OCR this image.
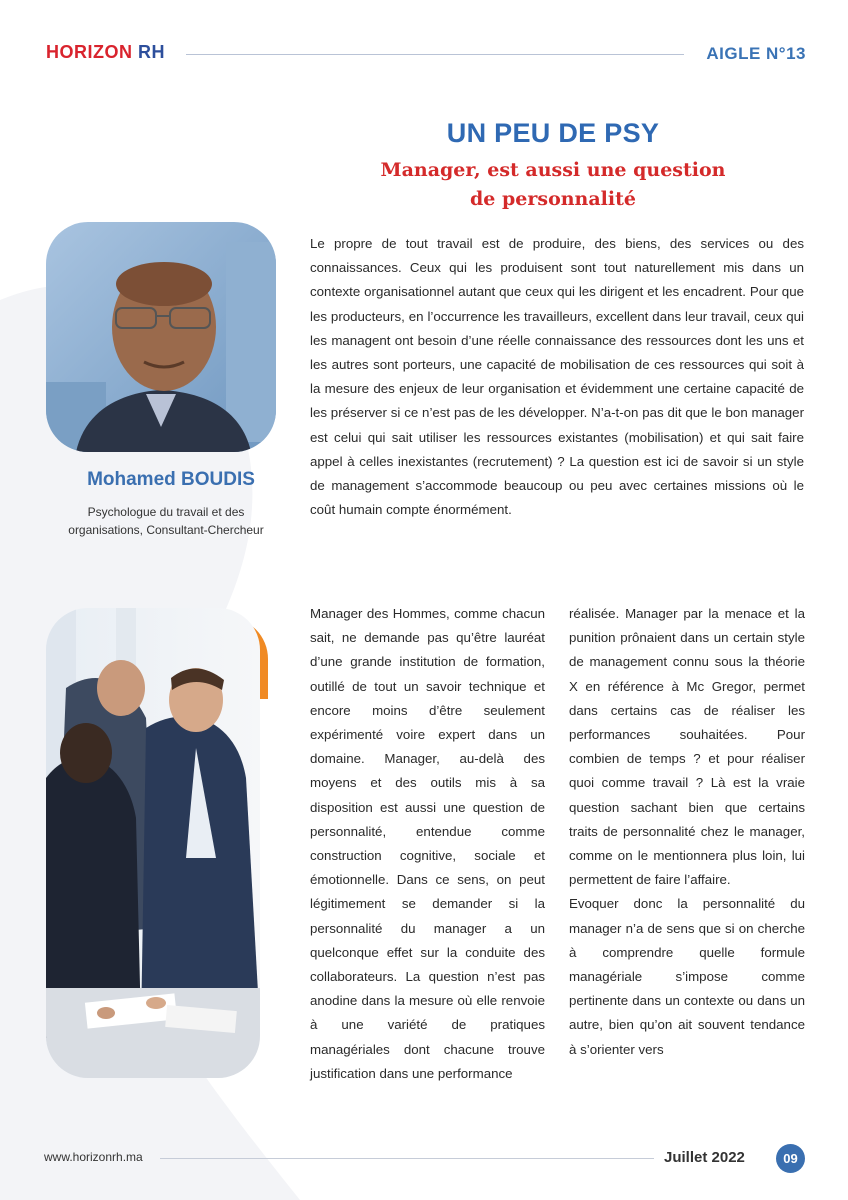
HORIZON RH	AIGLE N°13
UN PEU DE PSY
Manager, est aussi une question
de personnalité
Mohamed BOUDIS
Psychologue du travail et des
organisations, Consultant-Chercheur

Le propre de tout travail est de produire, des biens, des services ou des connaissances. Ceux qui les produisent sont tout naturellement mis dans un contexte organisationnel autant que ceux qui les dirigent et les encadrent. Pour que les producteurs, en l’occurrence les travailleurs, excellent dans leur travail, ceux qui les managent ont besoin d’une réelle connaissance des ressources dont les uns et les autres sont porteurs, une capacité de mobilisation de ces ressources qui soit à la mesure des enjeux de leur organisation et évidemment une certaine capacité de les préserver si ce n’est pas de les développer. N’a-t-on pas dit que le bon manager est celui qui sait utiliser les ressources existantes (mobilisation) et qui sait faire appel à celles inexistantes (recrutement) ? La question est ici de savoir si un style de management s’accommode beaucoup ou peu avec certaines missions où le coût humain compte énormément.

Manager des Hommes, comme chacun sait, ne demande pas qu’être lauréat d’une grande institution de formation, outillé de tout un savoir technique et encore moins d’être seulement expérimenté voire expert dans un domaine. Manager, au-delà des moyens et des outils mis à sa disposition est aussi une question de personnalité, entendue comme construction cognitive, sociale et émotionnelle. Dans ce sens, on peut légitimement se demander si la personnalité du manager a un quelconque effet sur la conduite des collaborateurs. La question n’est pas anodine dans la mesure où elle renvoie à une variété de pratiques managériales dont chacune trouve justification dans une performance

réalisée. Manager par la menace et la punition prônaient dans un certain style de management connu sous la théorie X en référence à Mc Gregor, permet dans certains cas de réaliser les performances souhaitées. Pour combien de temps ? et pour réaliser quoi comme travail ? Là est la vraie question sachant bien que certains traits de personnalité chez le manager, comme on le mentionnera plus loin, lui permettent de faire l’affaire.

Evoquer donc la personnalité du manager n’a de sens que si on cherche à comprendre quelle formule managériale s’impose comme pertinente dans un contexte ou dans un autre, bien qu’on ait souvent tendance à s’orienter vers

www.horizonrh.ma	Juillet 2022	09
